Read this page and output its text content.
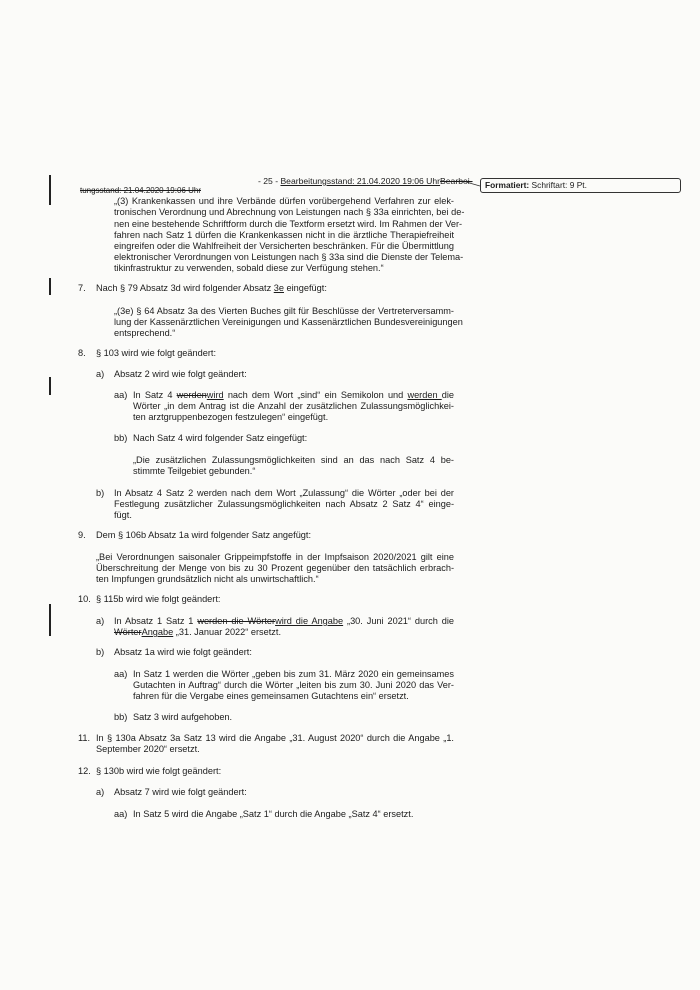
- 25 - Bearbeitungsstand: 21.04.2020 19:06 UhrBearbei-
tungsstand: 21.04.2020 19:06 Uhr
Formatiert: Schriftart: 9 Pt.
„(3) Krankenkassen und ihre Verbände dürfen vorübergehend Verfahren zur elek-
tronischen Verordnung und Abrechnung von Leistungen nach § 33a einrichten, bei de-
nen eine bestehende Schriftform durch die Textform ersetzt wird. Im Rahmen der Ver-
fahren nach Satz 1 dürfen die Krankenkassen nicht in die ärztliche Therapiefreiheit
eingreifen oder die Wahlfreiheit der Versicherten beschränken. Für die Übermittlung
elektronischer Verordnungen von Leistungen nach § 33a sind die Dienste der Telema-
tikinfrastruktur zu verwenden, sobald diese zur Verfügung stehen.“
7. Nach § 79 Absatz 3d wird folgender Absatz 3e eingefügt:
„(3e) § 64 Absatz 3a des Vierten Buches gilt für Beschlüsse der Vertreterversamm-
lung der Kassenärztlichen Vereinigungen und Kassenärztlichen Bundesvereinigungen
entsprechend.“
8. § 103 wird wie folgt geändert:
a) Absatz 2 wird wie folgt geändert:
aa) In Satz 4 werdenwird nach dem Wort „sind“ ein Semikolon und werden die
Wörter „in dem Antrag ist die Anzahl der zusätzlichen Zulassungsmöglichkei-
ten arztgruppenbezogen festzulegen“ eingefügt.
bb) Nach Satz 4 wird folgender Satz eingefügt:
„Die zusätzlichen Zulassungsmöglichkeiten sind an das nach Satz 4 be-
stimmte Teilgebiet gebunden.“
b) In Absatz 4 Satz 2 werden nach dem Wort „Zulassung“ die Wörter „oder bei der
Festlegung zusätzlicher Zulassungsmöglichkeiten nach Absatz 2 Satz 4“ einge-
fügt.
9. Dem § 106b Absatz 1a wird folgender Satz angefügt:
„Bei Verordnungen saisonaler Grippeimpfstoffe in der Impfsaison 2020/2021 gilt eine
Überschreitung der Menge von bis zu 30 Prozent gegenüber den tatsächlich erbrach-
ten Impfungen grundsätzlich nicht als unwirtschaftlich.“
10. § 115b wird wie folgt geändert:
a) In Absatz 1 Satz 1 werden die Wörterwird die Angabe „30. Juni 2021“ durch die
WörterAngabe „31. Januar 2022“ ersetzt.
b) Absatz 1a wird wie folgt geändert:
aa) In Satz 1 werden die Wörter „geben bis zum 31. März 2020 ein gemeinsames
Gutachten in Auftrag“ durch die Wörter „leiten bis zum 30. Juni 2020 das Ver-
fahren für die Vergabe eines gemeinsamen Gutachtens ein“ ersetzt.
bb) Satz 3 wird aufgehoben.
11. In § 130a Absatz 3a Satz 13 wird die Angabe „31. August 2020“ durch die Angabe „1.
September 2020“ ersetzt.
12. § 130b wird wie folgt geändert:
a) Absatz 7 wird wie folgt geändert:
aa) In Satz 5 wird die Angabe „Satz 1“ durch die Angabe „Satz 4“ ersetzt.
